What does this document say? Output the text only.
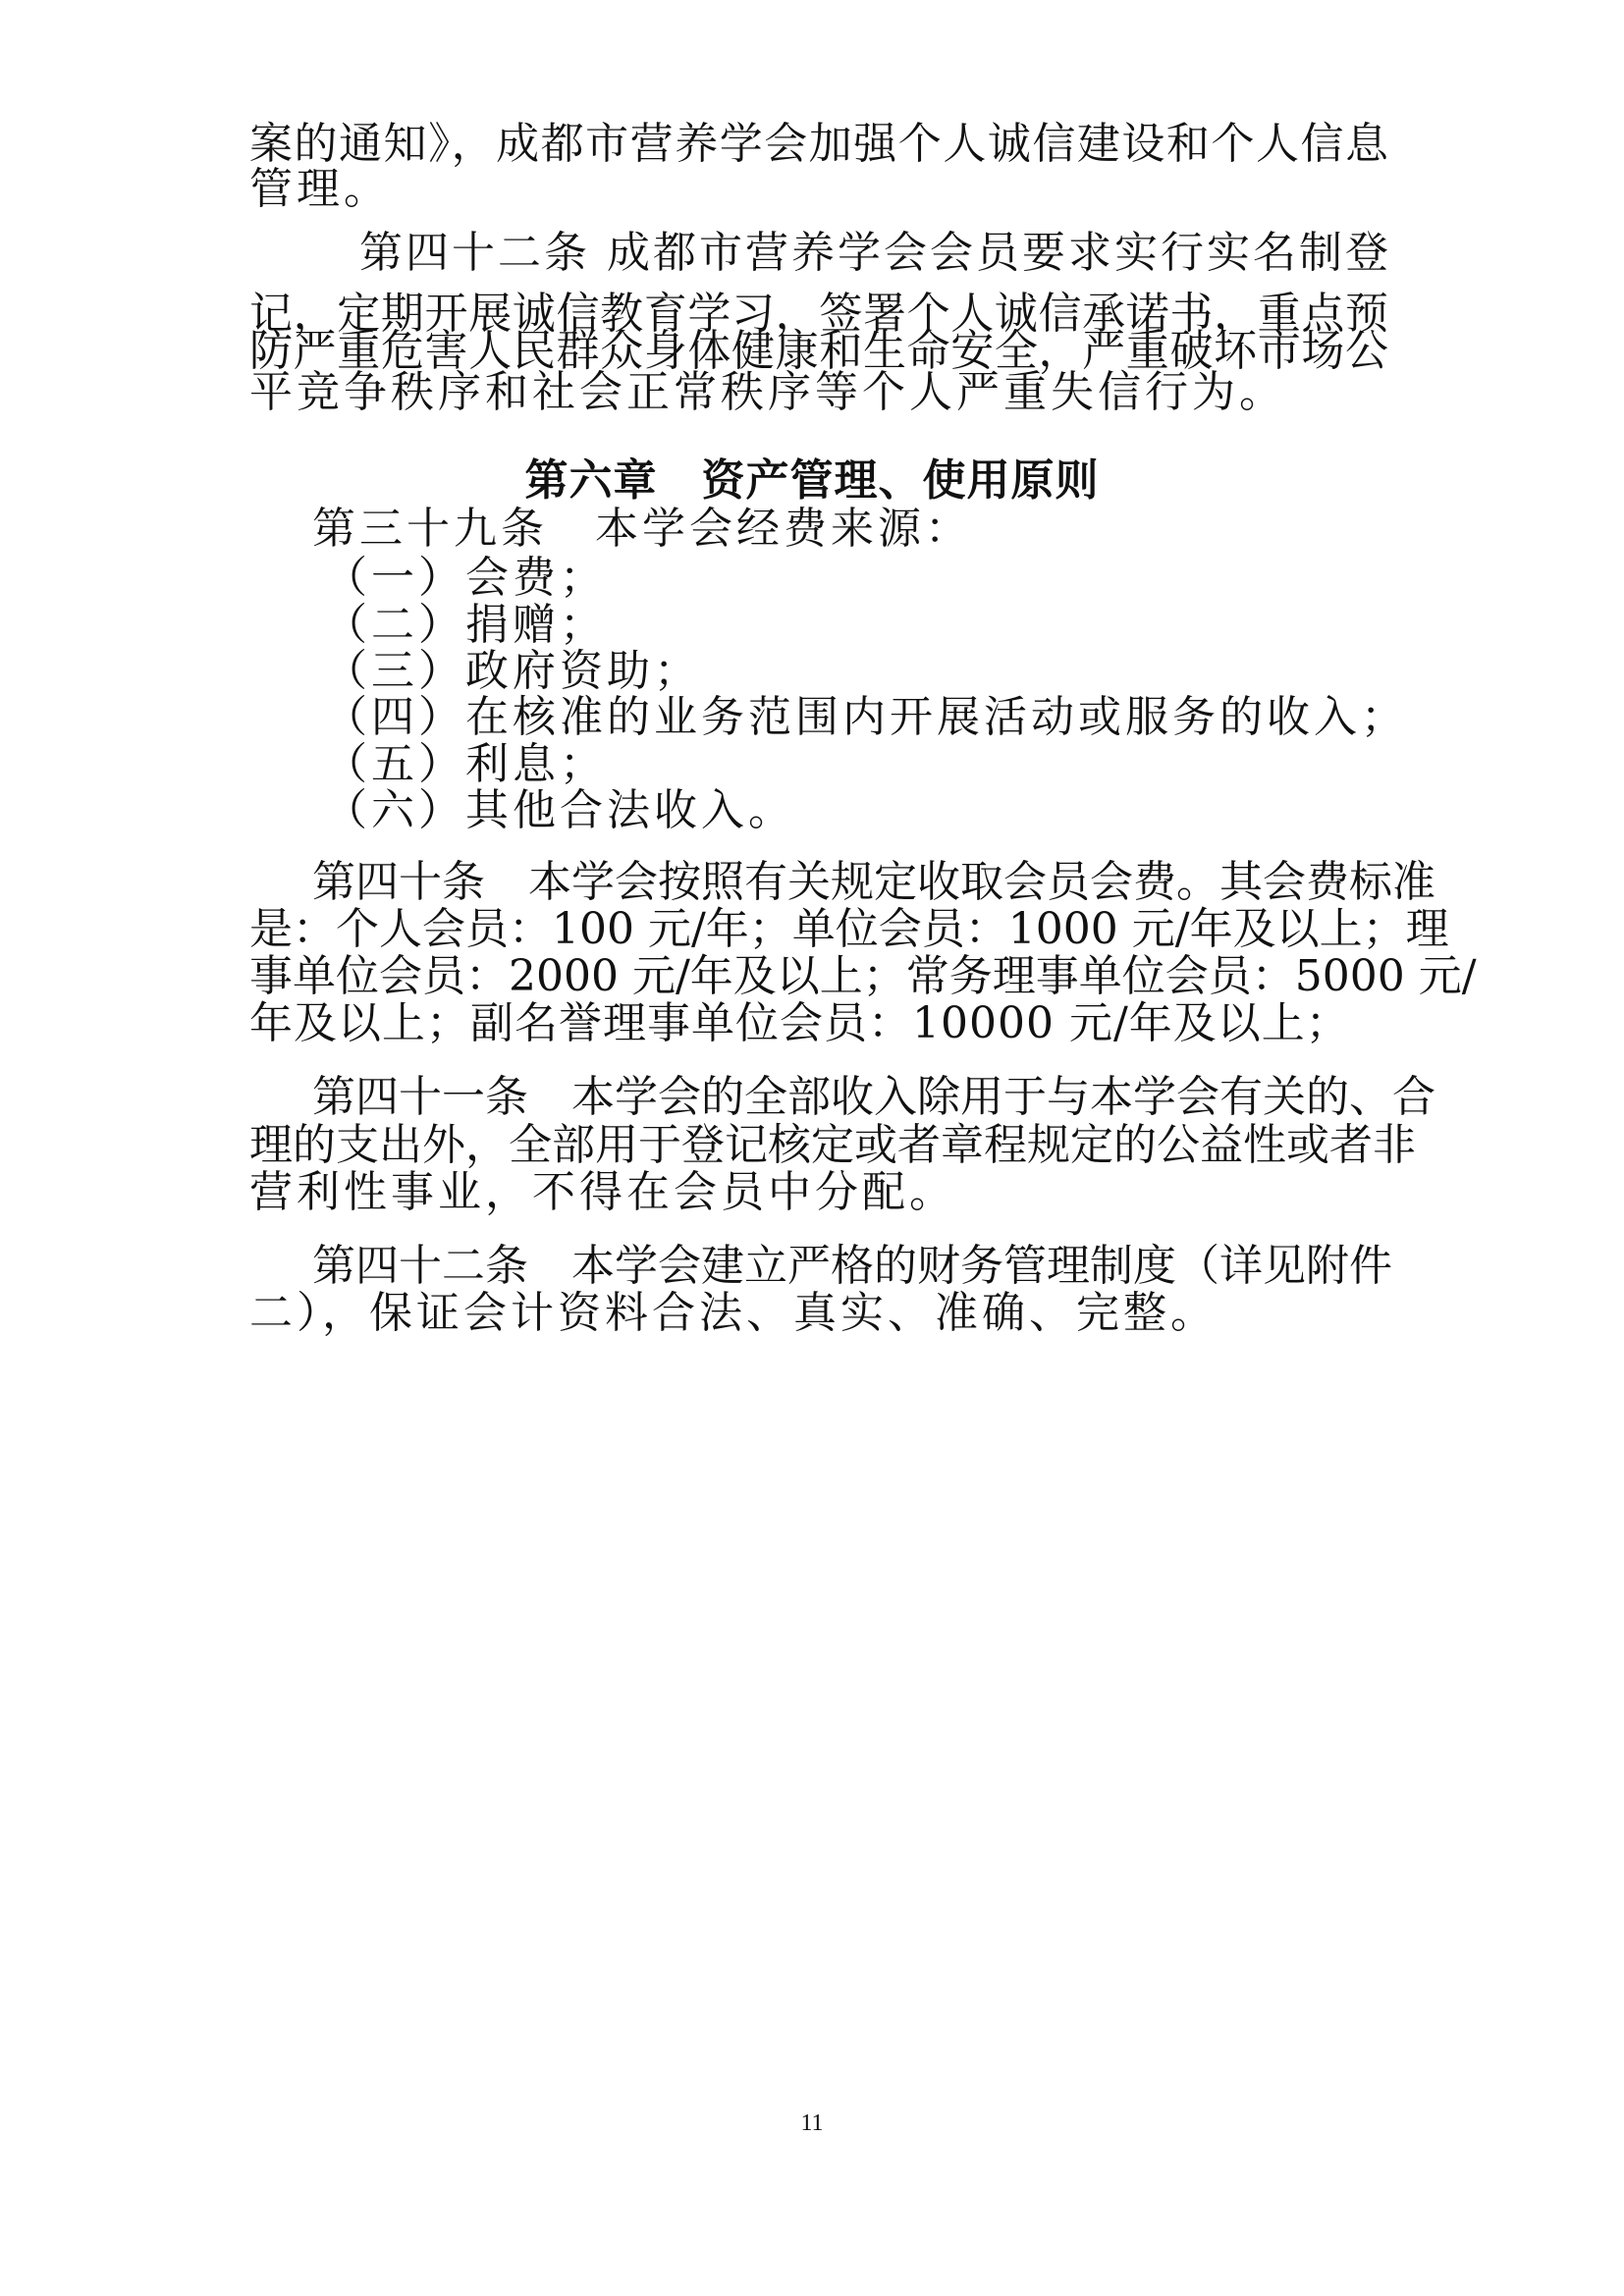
案的通知》，成都市营养学会加强个人诚信建设和个人信息
管理。
第四十二条 成都市营养学会会员要求实行实名制登
记，定期开展诚信教育学习，签署个人诚信承诺书，重点预
防严重危害人民群众身体健康和生命安全，严重破坏市场公
平竞争秩序和社会正常秩序等个人严重失信行为。
第六章　资产管理、使用原则
第三十九条　本学会经费来源：
（一）会费；
（二）捐赠；
（三）政府资助；
（四）在核准的业务范围内开展活动或服务的收入；
（五）利息；
（六）其他合法收入。
第四十条　本学会按照有关规定收取会员会费。其会费标准
是：个人会员：100 元/年；单位会员：1000 元/年及以上；理
事单位会员：2000 元/年及以上；常务理事单位会员：5000 元/
年及以上；副名誉理事单位会员：10000 元/年及以上；
第四十一条　本学会的全部收入除用于与本学会有关的、合
理的支出外，全部用于登记核定或者章程规定的公益性或者非
营利性事业，不得在会员中分配。
第四十二条　本学会建立严格的财务管理制度（详见附件
二），保证会计资料合法、真实、准确、完整。
11
